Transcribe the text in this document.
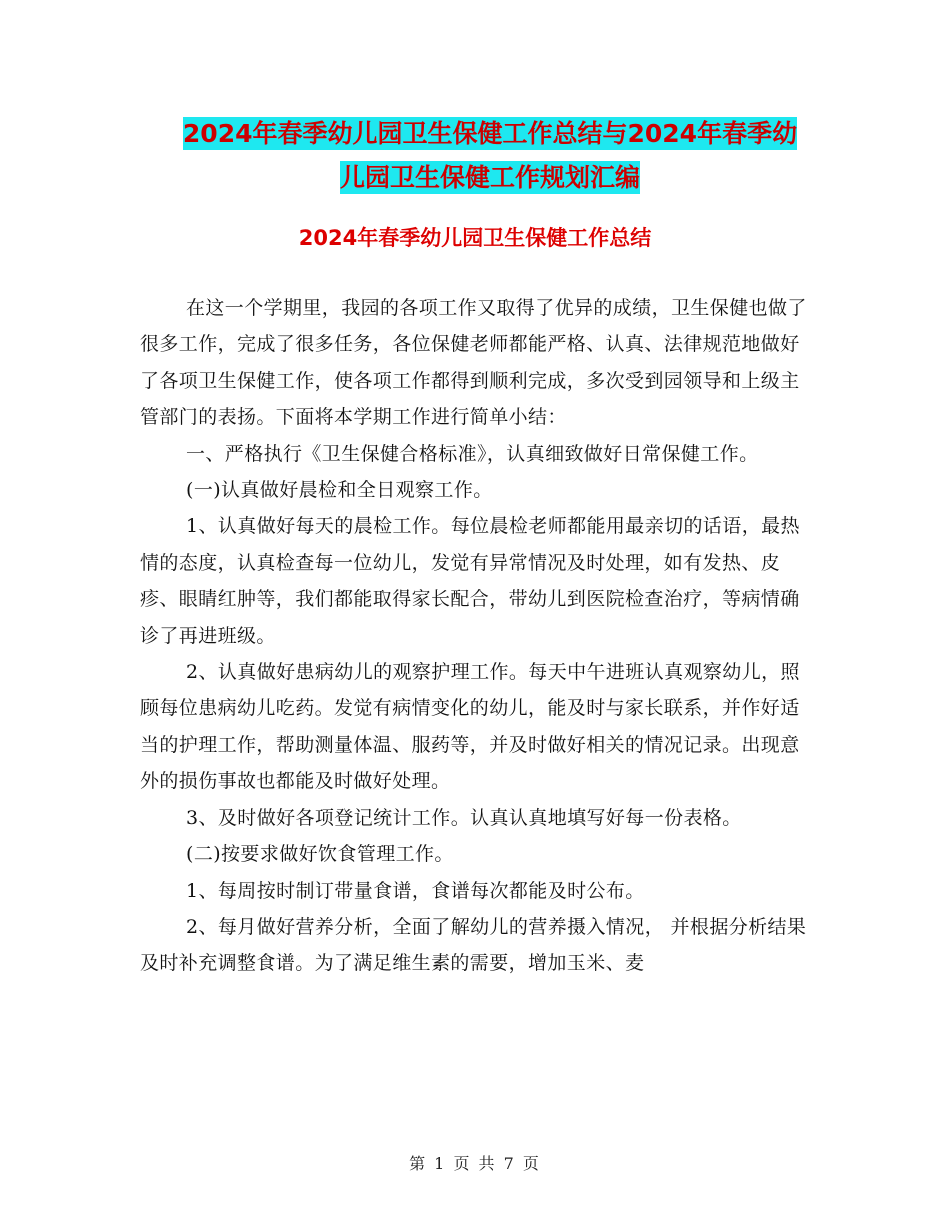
2024年春季幼儿园卫生保健工作总结与2024年春季幼
儿园卫生保健工作规划汇编
2024年春季幼儿园卫生保健工作总结

在这一个学期里，我园的各项工作又取得了优异的成绩，卫生保健也做了很多工作，完成了很多任务，各位保健老师都能严格、认真、法律规范地做好了各项卫生保健工作，使各项工作都得到顺利完成，多次受到园领导和上级主管部门的表扬。下面将本学期工作进行简单小结：

一、严格执行《卫生保健合格标准》，认真细致做好日常保健工作。

(一)认真做好晨检和全日观察工作。

1、认真做好每天的晨检工作。每位晨检老师都能用最亲切的话语，最热情的态度，认真检查每一位幼儿，发觉有异常情况及时处理，如有发热、皮疹、眼睛红肿等，我们都能取得家长配合，带幼儿到医院检查治疗，等病情确诊了再进班级。

2、认真做好患病幼儿的观察护理工作。每天中午进班认真观察幼儿，照顾每位患病幼儿吃药。发觉有病情变化的幼儿，能及时与家长联系，并作好适当的护理工作，帮助测量体温、服药等，并及时做好相关的情况记录。出现意外的损伤事故也都能及时做好处理。

3、及时做好各项登记统计工作。认真认真地填写好每一份表格。

(二)按要求做好饮食管理工作。

1、每周按时制订带量食谱，食谱每次都能及时公布。

2、每月做好营养分析，全面了解幼儿的营养摄入情况， 并根据分析结果及时补充调整食谱。为了满足维生素的需要，增加玉米、麦

第 1 页 共 7 页
